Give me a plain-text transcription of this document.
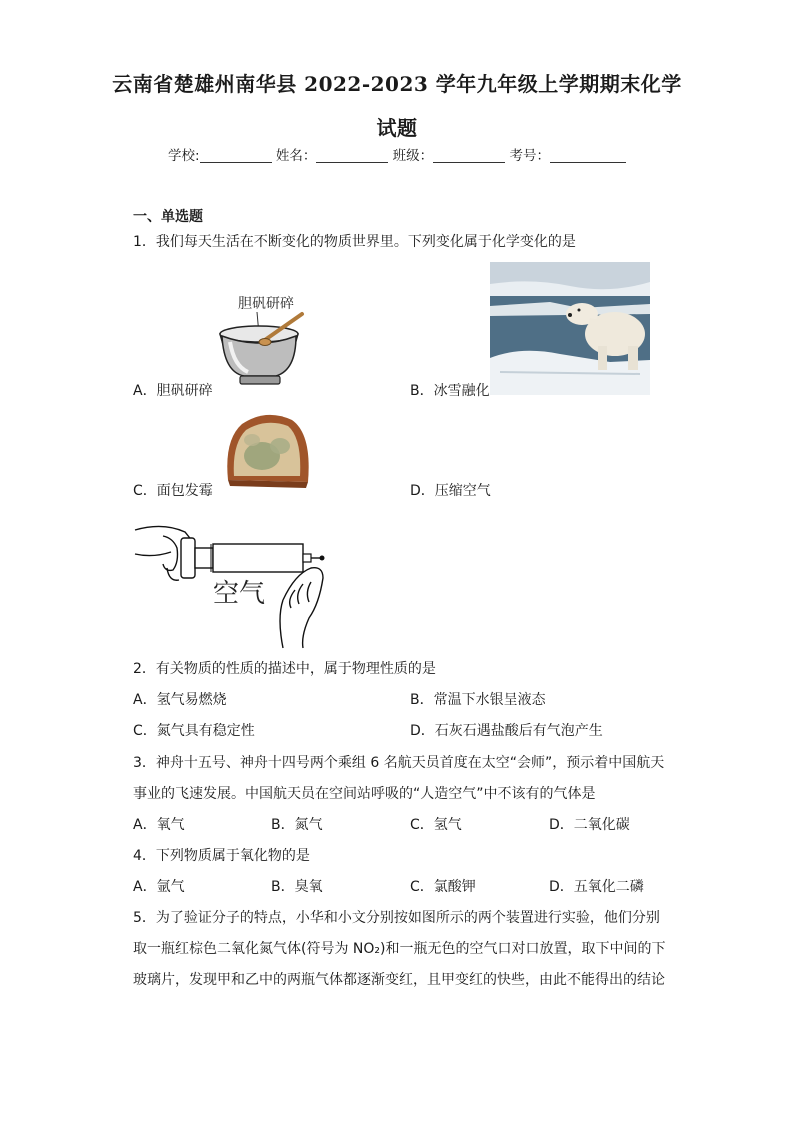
云南省楚雄州南华县 2022-2023 学年九年级上学期期末化学
试题
学校:	姓名：	班级：	考号：
一、单选题
1．我们每天生活在不断变化的物质世界里。下列变化属于化学变化的是
胆矾研碎
A．胆矾研碎	B．冰雪融化
C．面包发霉	D．压缩空气
空气
2．有关物质的性质的描述中，属于物理性质的是
A．氢气易燃烧	B．常温下水银呈液态
C．氮气具有稳定性	D．石灰石遇盐酸后有气泡产生
3．神舟十五号、神舟十四号两个乘组 6 名航天员首度在太空“会师”，预示着中国航天
事业的飞速发展。中国航天员在空间站呼吸的“人造空气”中不该有的气体是
A．氧气	B．氮气	C．氢气	D．二氧化碳
4．下列物质属于氧化物的是
A．氩气	B．臭氧	C．氯酸钾	D．五氧化二磷
5．为了验证分子的特点，小华和小文分别按如图所示的两个装置进行实验，他们分别
取一瓶红棕色二氧化氮气体(符号为 NO₂)和一瓶无色的空气口对口放置，取下中间的下
玻璃片，发现甲和乙中的两瓶气体都逐渐变红，且甲变红的快些，由此不能得出的结论
